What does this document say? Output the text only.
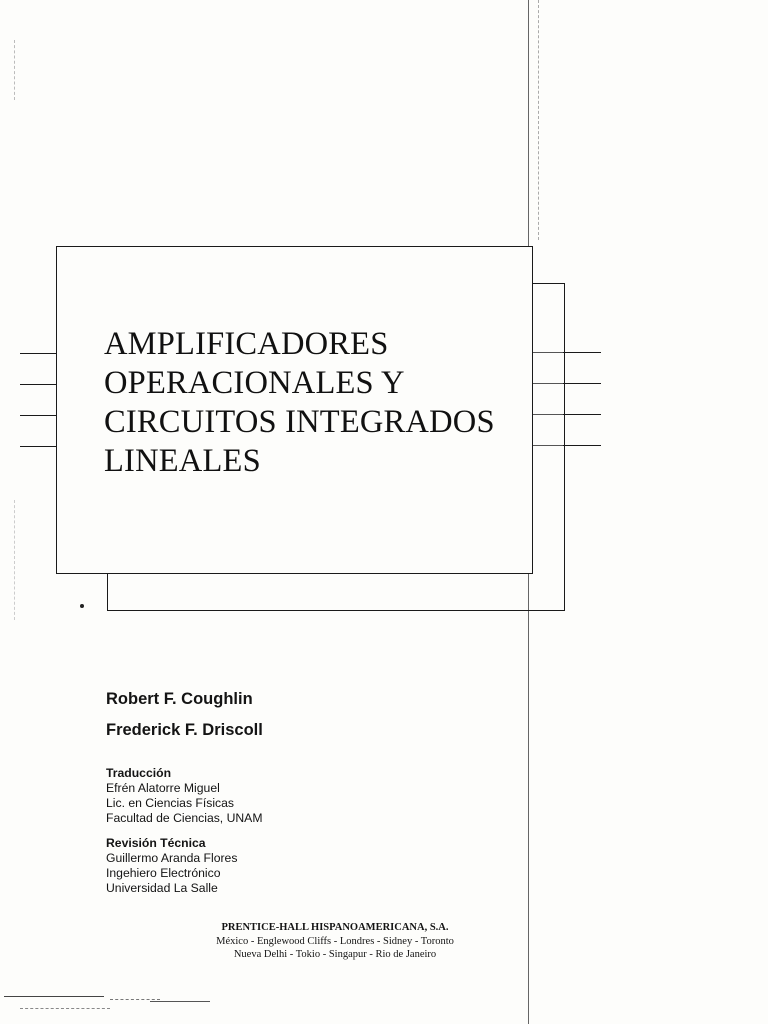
AMPLIFICADORES
OPERACIONALES Y
CIRCUITOS INTEGRADOS
LINEALES
Robert F. Coughlin
Frederick F. Driscoll
Traducción
Efrén Alatorre Miguel
Lic. en Ciencias Físicas
Facultad de Ciencias, UNAM
Revisión Técnica
Guillermo Aranda Flores
Ingehiero Electrónico
Universidad La Salle
PRENTICE-HALL HISPANOAMERICANA, S.A.
México - Englewood Cliffs - Londres - Sidney - Toronto
Nueva Delhi - Tokio - Singapur - Rio de Janeiro
